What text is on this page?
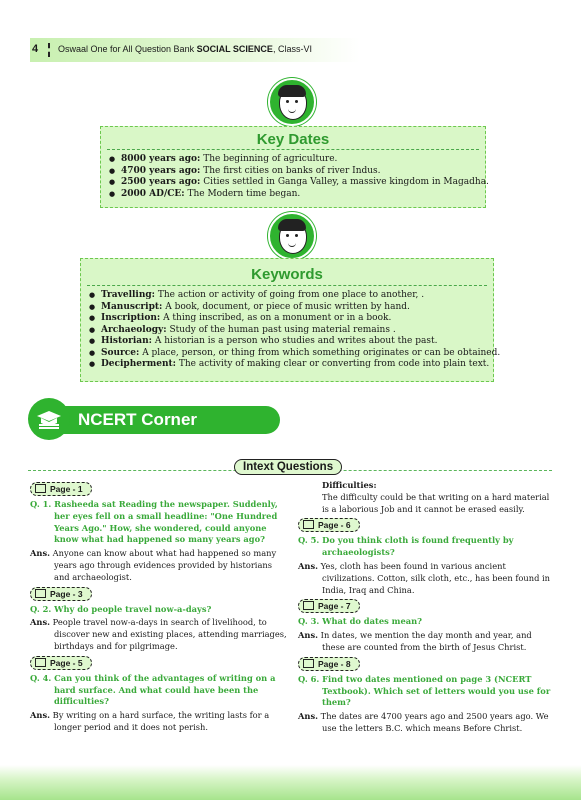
4 Oswaal One for All Question Bank SOCIAL SCIENCE, Class-VI
Key Dates
● 8000 years ago: The beginning of agriculture.
● 4700 years ago: The first cities on banks of river Indus.
● 2500 years ago: Cities settled in Ganga Valley, a massive kingdom in Magadha.
● 2000 AD/CE: The Modern time began.
Keywords
● Travelling: The action or activity of going from one place to another, .
● Manuscript: A book, document, or piece of music written by hand.
● Inscription: A thing inscribed, as on a monument or in a book.
● Archaeology: Study of the human past using material remains .
● Historian: A historian is a person who studies and writes about the past.
● Source: A place, person, or thing from which something originates or can be obtained.
● Decipherment: The activity of making clear or converting from code into plain text.
NCERT Corner
Intext Questions
Page - 1

Q. 1. Rasheeda sat Reading the newspaper. Suddenly, her eyes fell on a small headline: "One Hundred Years Ago." How, she wondered, could anyone know what had happened so many years ago?

Ans. Anyone can know about what had happened so many years ago through evidences provided by historians and archaeologist.

Page - 3

Q. 2. Why do people travel now-a-days?

Ans. People travel now-a-days in search of livelihood, to discover new and existing places, attending marriages, birthdays and for pilgrimage.

Page - 5

Q. 4. Can you think of the advantages of writing on a hard surface. And what could have been the difficulties?

Ans. By writing on a hard surface, the writing lasts for a longer period and it does not perish.

Difficulties:

The difficulty could be that writing on a hard material is a laborious Job and it cannot be erased easily.

Page - 6

Q. 5. Do you think cloth is found frequently by archaeologists?

Ans. Yes, cloth has been found in various ancient civilizations. Cotton, silk cloth, etc., has been found in India, Iraq and China.

Page - 7

Q. 3. What do dates mean?

Ans. In dates, we mention the day month and year, and these are counted from the birth of Jesus Christ.

Page - 8

Q. 6. Find two dates mentioned on page 3 (NCERT Textbook). Which set of letters would you use for them?

Ans. The dates are 4700 years ago and 2500 years ago. We use the letters B.C. which means Before Christ.
